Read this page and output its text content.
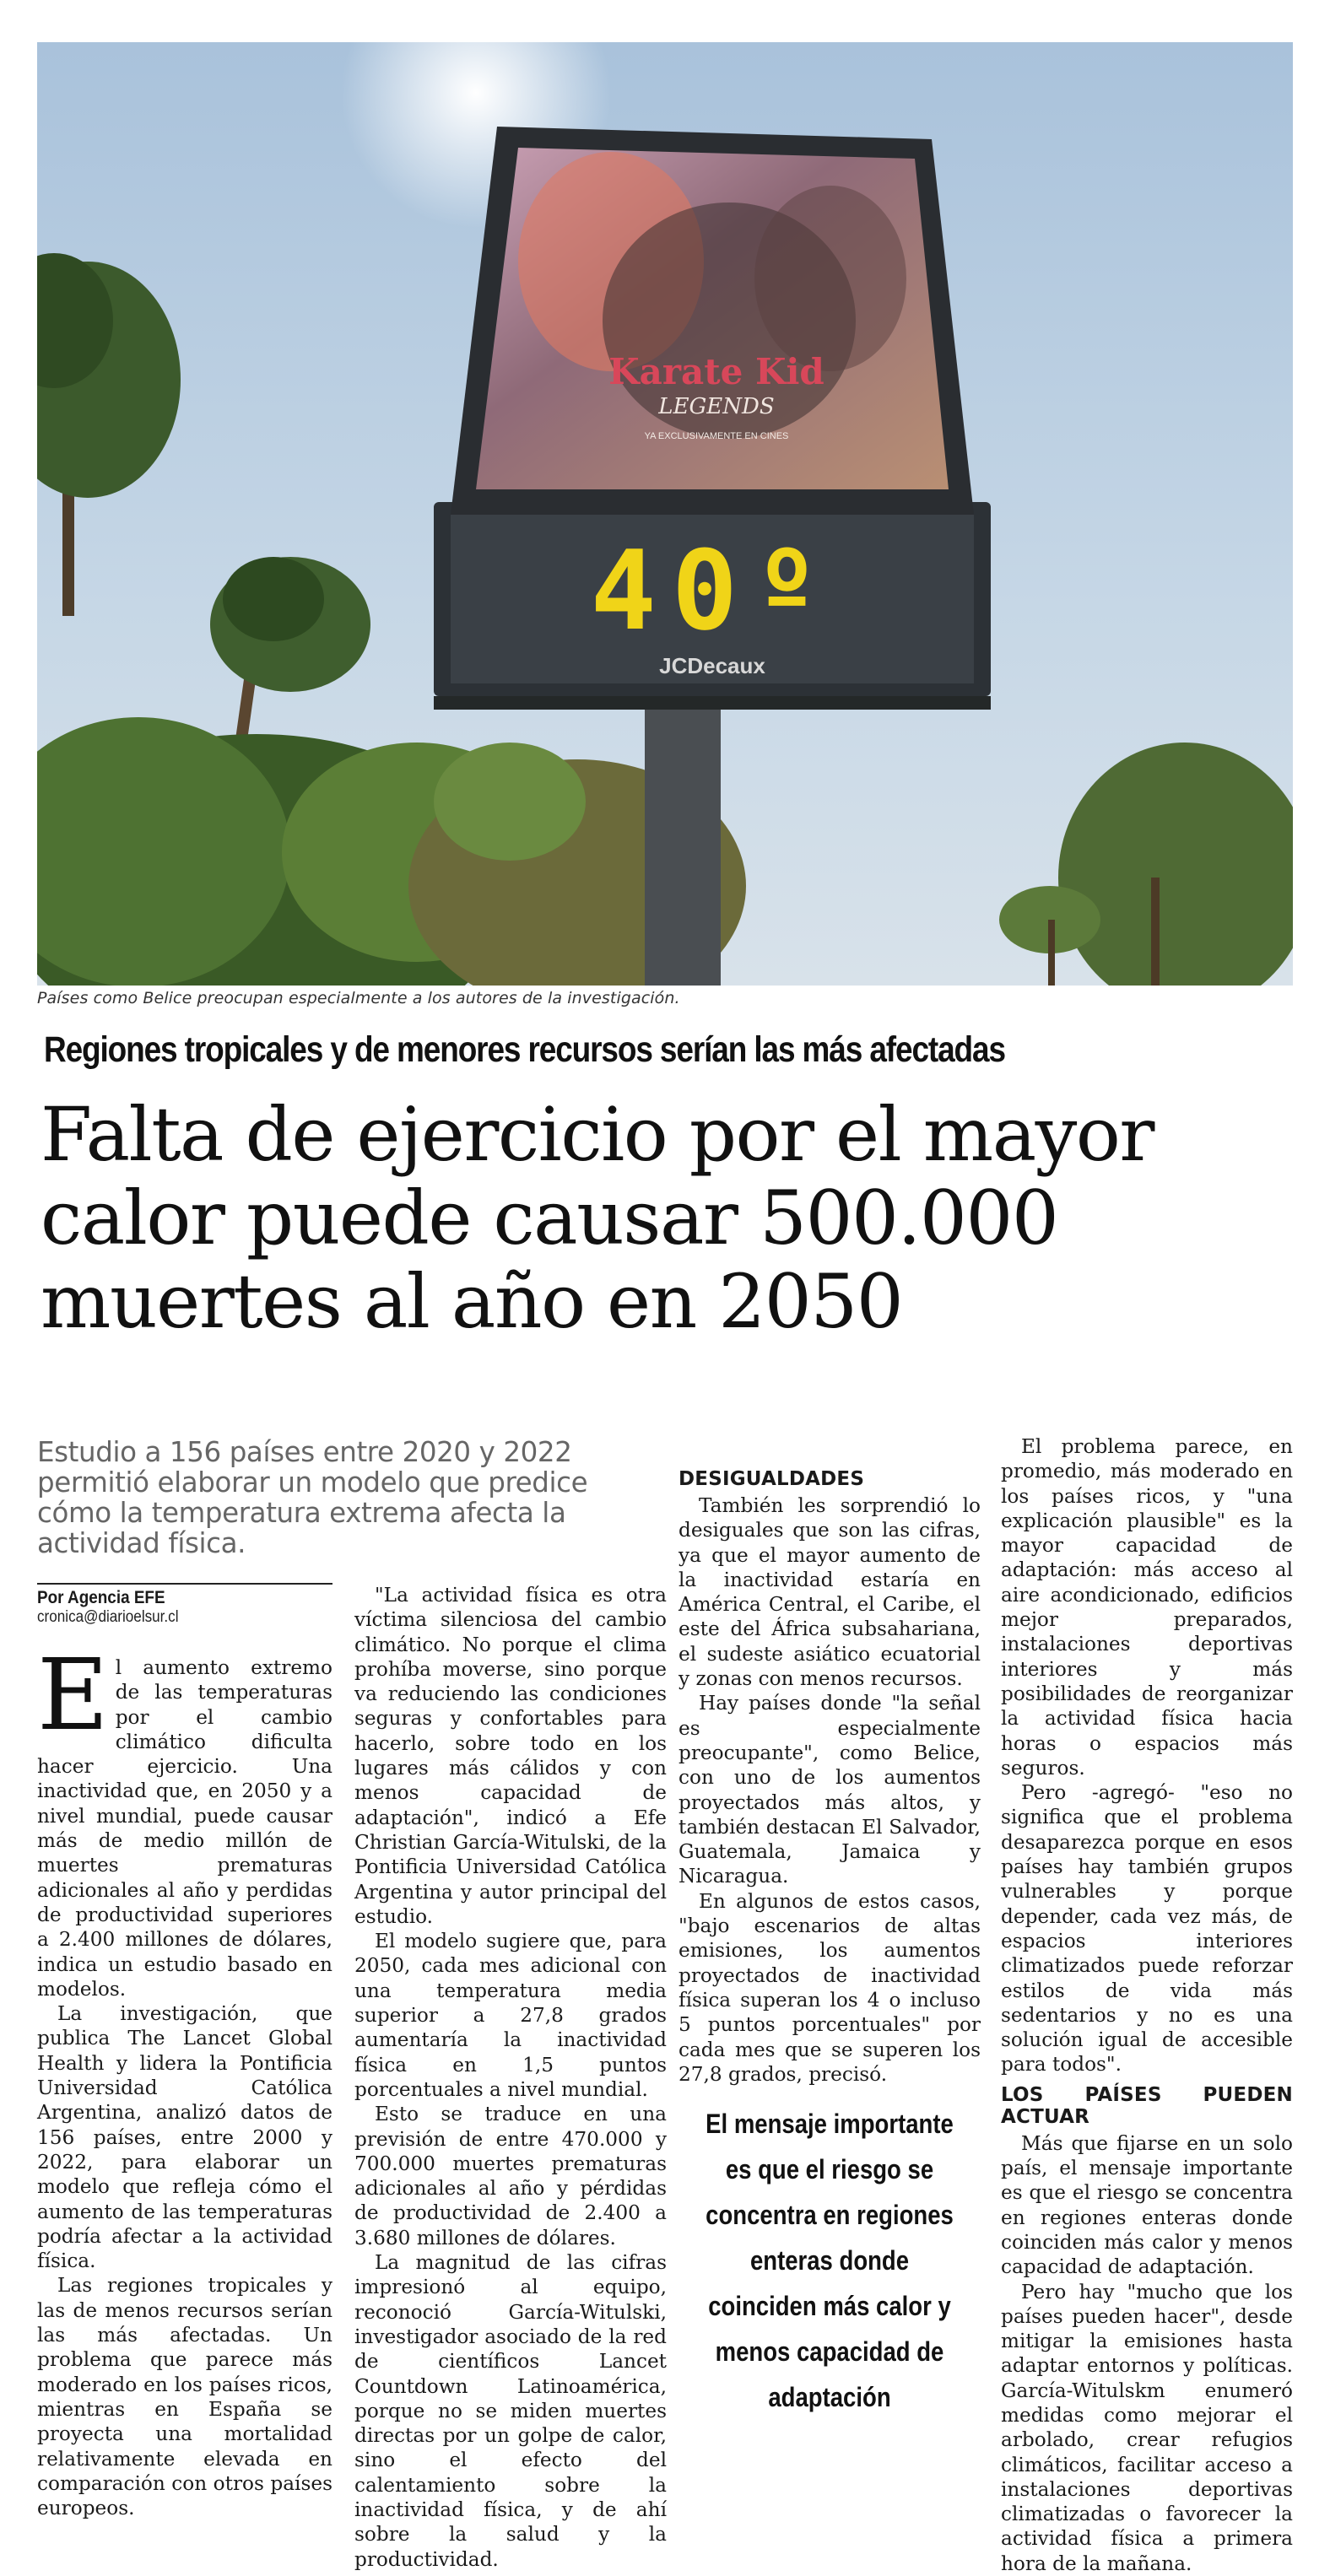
40º
JCDecaux
Karate Kid
LEGENDS
YA EXCLUSIVAMENTE EN CINES
Países como Belice preocupan especialmente a los autores de la investigación.
Regiones tropicales y de menores recursos serían las más afectadas
Falta de ejercicio por el mayor
calor puede causar 500.000
muertes al año en 2050
Estudio a 156 países entre 2020 y 2022 permitió elaborar un modelo que predice cómo la temperatura extrema afecta la actividad física.
Por Agencia EFE
cronica@diarioelsur.cl

El aumento extremo de las temperaturas por el cambio climático dificulta hacer ejercicio. Una inactividad que, en 2050 y a nivel mundial, puede causar más de medio millón de muertes prematuras adicionales al año y perdidas de productividad superiores a 2.400 millones de dólares, indica un estudio basado en modelos.

La investigación, que publica The Lancet Global Health y lidera la Pontificia Universidad Católica Argentina, analizó datos de 156 países, entre 2000 y 2022, para elaborar un modelo que refleja cómo el aumento de las temperaturas podría afectar a la actividad física.

Las regiones tropicales y las de menos recursos serían las más afectadas. Un problema que parece más moderado en los países ricos, mientras en España se proyecta una mortalidad relativamente elevada en comparación con otros países europeos.

"La actividad física es otra víctima silenciosa del cambio climático. No porque el clima prohíba moverse, sino porque va reduciendo las condiciones seguras y confortables para hacerlo, sobre todo en los lugares más cálidos y con menos capacidad de adaptación", indicó a Efe Christian García-Witulski, de la Pontificia Universidad Católica Argentina y autor principal del estudio.

El modelo sugiere que, para 2050, cada mes adicional con una temperatura media superior a 27,8 grados aumentaría la inactividad física en 1,5 puntos porcentuales a nivel mundial.

Esto se traduce en una previsión de entre 470.000 y 700.000 muertes prematuras adicionales al año y pérdidas de productividad de 2.400 a 3.680 millones de dólares.

La magnitud de las cifras impresionó al equipo, reconoció García-Witulski, investigador asociado de la red de científicos Lancet Countdown Latinoamérica, porque no se miden muertes directas por un golpe de calor, sino el efecto del calentamiento sobre la inactividad física, y de ahí sobre la salud y la productividad.

DESIGUALDADES

También les sorprendió lo desiguales que son las cifras, ya que el mayor aumento de la inactividad estaría en América Central, el Caribe, el este del África subsahariana, el sudeste asiático ecuatorial y zonas con menos recursos.

Hay países donde "la señal es especialmente preocupante", como Belice, con uno de los aumentos proyectados más altos, y también destacan El Salvador, Guatemala, Jamaica y Nicaragua.

En algunos de estos casos, "bajo escenarios de altas emisiones, los aumentos proyectados de inactividad física superan los 4 o incluso 5 puntos porcentuales" por cada mes que se superen los 27,8 grados, precisó.

El mensaje importante es que el riesgo se concentra en regiones enteras donde coinciden más calor y menos capacidad de adaptación

El problema parece, en promedio, más moderado en los países ricos, y "una explicación plausible" es la mayor capacidad de adaptación: más acceso al aire acondicionado, edificios mejor preparados, instalaciones deportivas interiores y más posibilidades de reorganizar la actividad física hacia horas o espacios más seguros.

Pero -agregó- "eso no significa que el problema desaparezca porque en esos países hay también grupos vulnerables y porque depender, cada vez más, de espacios interiores climatizados puede reforzar estilos de vida más sedentarios y no es una solución igual de accesible para todos".

LOS PAÍSES PUEDEN ACTUAR

Más que fijarse en un solo país, el mensaje importante es que el riesgo se concentra en regiones enteras donde coinciden más calor y menos capacidad de adaptación.

Pero hay "mucho que los países pueden hacer", desde mitigar la emisiones hasta adaptar entornos y políticas. García-Witulskm enumeró medidas como mejorar el arbolado, crear refugios climáticos, facilitar acceso a instalaciones deportivas climatizadas o favorecer la actividad física a primera hora de la mañana.
